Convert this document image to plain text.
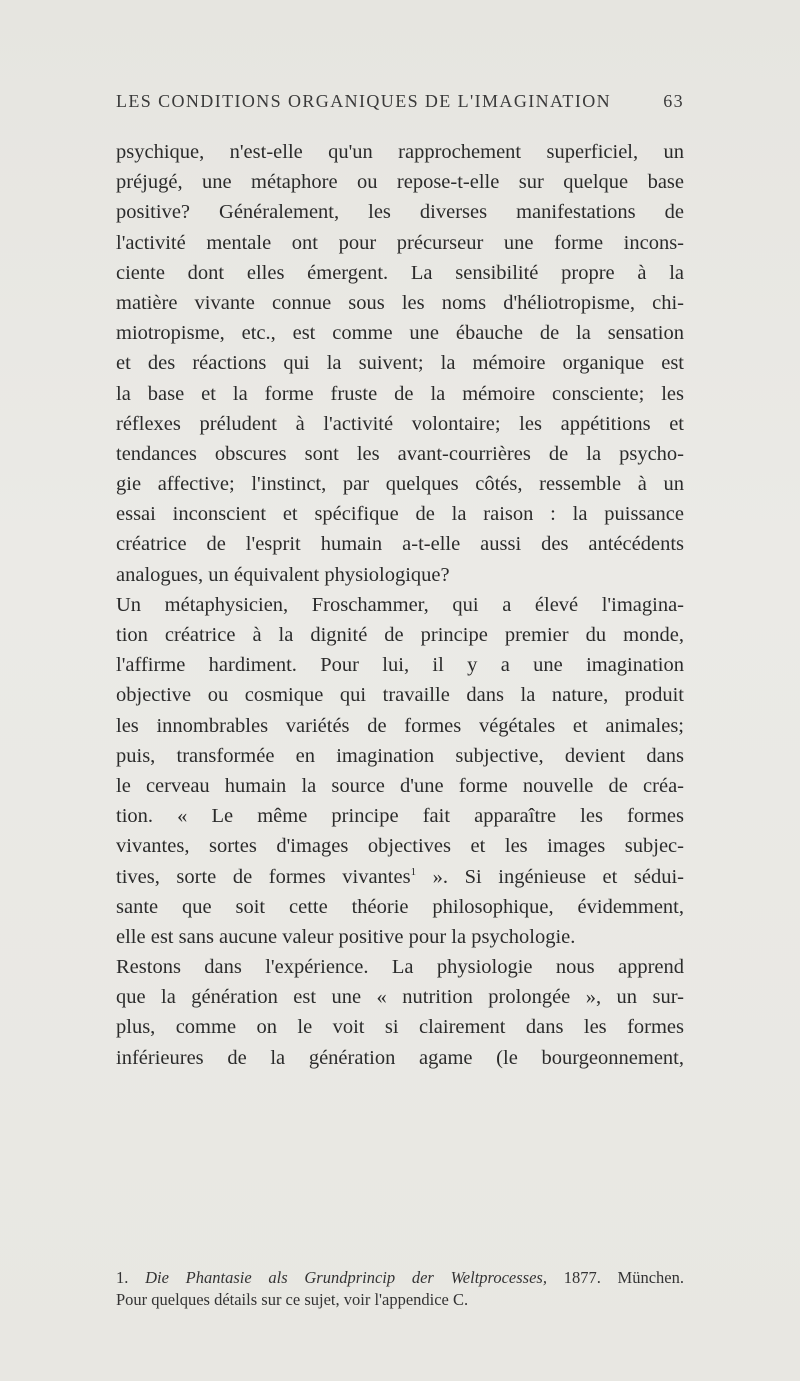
LES CONDITIONS ORGANIQUES DE L'IMAGINATION	63
psychique, n'est-elle qu'un rapprochement superficiel, un
préjugé, une métaphore ou repose-t-elle sur quelque base
positive? Généralement, les diverses manifestations de
l'activité mentale ont pour précurseur une forme incons-
ciente dont elles émergent. La sensibilité propre à la
matière vivante connue sous les noms d'héliotropisme, chi-
miotropisme, etc., est comme une ébauche de la sensation
et des réactions qui la suivent; la mémoire organique est
la base et la forme fruste de la mémoire consciente; les
réflexes préludent à l'activité volontaire; les appétitions et
tendances obscures sont les avant-courrières de la psycho-
gie affective; l'instinct, par quelques côtés, ressemble à un
essai inconscient et spécifique de la raison : la puissance
créatrice de l'esprit humain a-t-elle aussi des antécédents
analogues, un équivalent physiologique?
Un métaphysicien, Froschammer, qui a élevé l'imagina-
tion créatrice à la dignité de principe premier du monde,
l'affirme hardiment. Pour lui, il y a une imagination
objective ou cosmique qui travaille dans la nature, produit
les innombrables variétés de formes végétales et animales;
puis, transformée en imagination subjective, devient dans
le cerveau humain la source d'une forme nouvelle de créa-
tion. « Le même principe fait apparaître les formes
vivantes, sortes d'images objectives et les images subjec-
tives, sorte de formes vivantes$^1$ ». Si ingénieuse et sédui-
sante que soit cette théorie philosophique, évidemment,
elle est sans aucune valeur positive pour la psychologie.
Restons dans l'expérience. La physiologie nous apprend
que la génération est une « nutrition prolongée », un sur-
plus, comme on le voit si clairement dans les formes
inférieures de la génération agame (le bourgeonnement,
1. Die Phantasie als Grundprincip der Weltprocesses, 1877. München.
Pour quelques détails sur ce sujet, voir l'appendice C.
